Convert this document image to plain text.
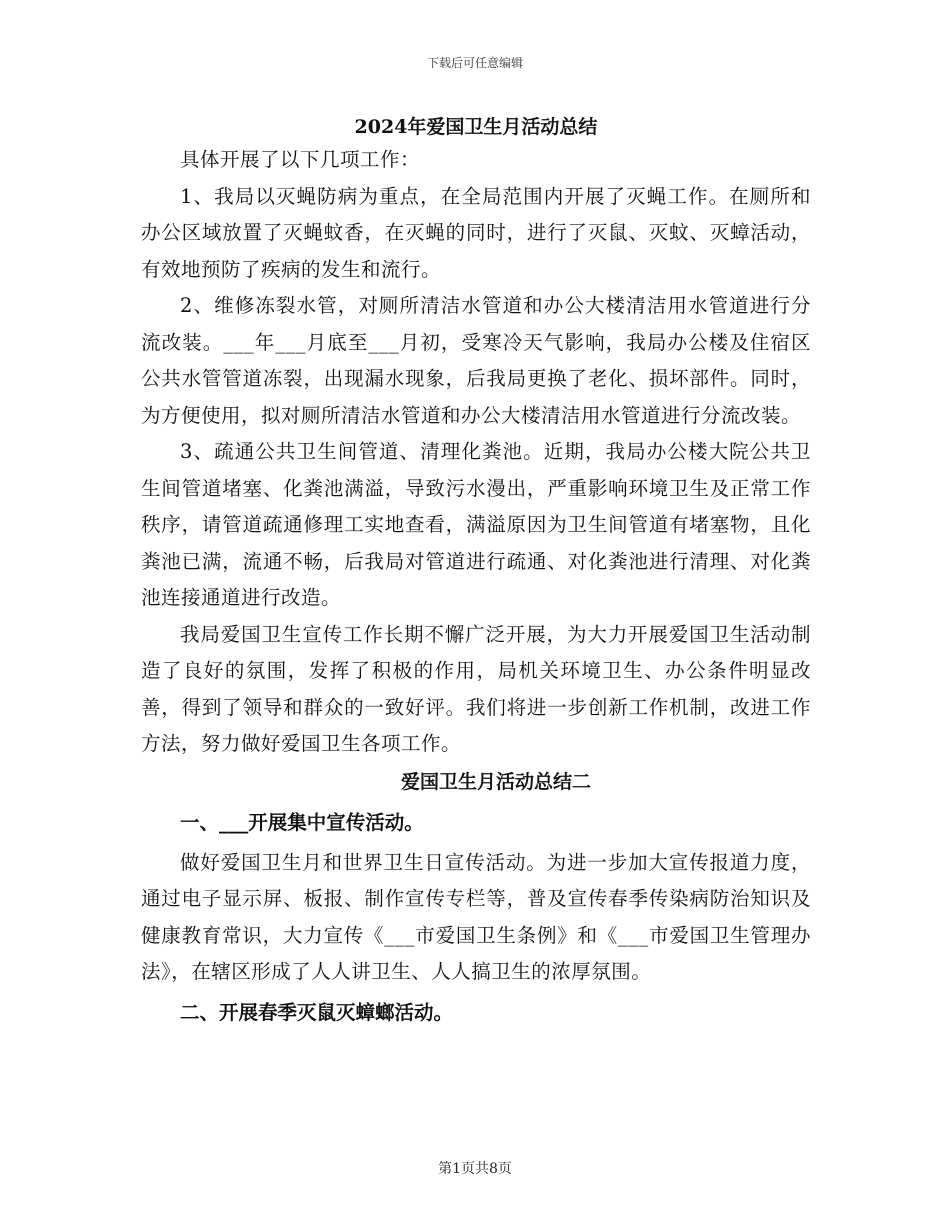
下载后可任意编辑
2024年爱国卫生月活动总结

具体开展了以下几项工作：

1、我局以灭蝇防病为重点，在全局范围内开展了灭蝇工作。在厕所和办公区域放置了灭蝇蚊香，在灭蝇的同时，进行了灭鼠、灭蚊、灭蟑活动，有效地预防了疾病的发生和流行。

2、维修冻裂水管，对厕所清洁水管道和办公大楼清洁用水管道进行分流改装。___年___月底至___月初，受寒冷天气影响，我局办公楼及住宿区公共水管管道冻裂，出现漏水现象，后我局更换了老化、损坏部件。同时，为方便使用，拟对厕所清洁水管道和办公大楼清洁用水管道进行分流改装。

3、疏通公共卫生间管道、清理化粪池。近期，我局办公楼大院公共卫生间管道堵塞、化粪池满溢，导致污水漫出，严重影响环境卫生及正常工作秩序，请管道疏通修理工实地查看，满溢原因为卫生间管道有堵塞物，且化粪池已满，流通不畅，后我局对管道进行疏通、对化粪池进行清理、对化粪池连接通道进行改造。

我局爱国卫生宣传工作长期不懈广泛开展，为大力开展爱国卫生活动制造了良好的氛围，发挥了积极的作用，局机关环境卫生、办公条件明显改善，得到了领导和群众的一致好评。我们将进一步创新工作机制，改进工作方法，努力做好爱国卫生各项工作。

爱国卫生月活动总结二
一、___开展集中宣传活动。

做好爱国卫生月和世界卫生日宣传活动。为进一步加大宣传报道力度，通过电子显示屏、板报、制作宣传专栏等，普及宣传春季传染病防治知识及健康教育常识，大力宣传《___市爱国卫生条例》和《___市爱国卫生管理办法》，在辖区形成了人人讲卫生、人人搞卫生的浓厚氛围。

二、开展春季灭鼠灭蟑螂活动。
第1页共8页
